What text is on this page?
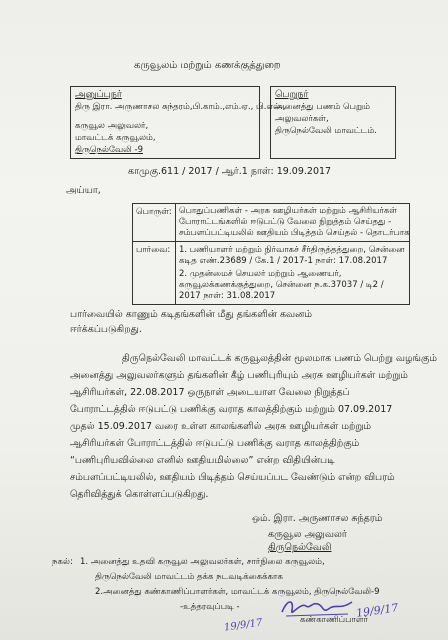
கருவூலம் மற்றும் கணக்குத்துறை
அனுப்புநர்
திரு இரா. அருணாசல சுந்தரம்,பி.காம்.,எம்.ஏ., பி.எல்.,
கருவூல அலுவலர்,
மாவட்டக் கருவூலம்,
திருநெல்வேலி -9
பெறுநர்
அனைத்து பணம் பெறும்
அலுவலர்கள்,
திருநெல்வேலி மாவட்டம்.
காமுகு.611 / 2017 / ஆர்.1 நாள்: 19.09.2017
அய்யா,
பொருள்: பொதுப்பணிகள் - அரசு ஊழியர்கள் மற்றும் ஆசிரியர்கள்
போராட்டங்களில் ஈடுபட்டு வேலை நிறுத்தம் செய்தது -
சம்பளப்பட்டியலில் ஊதியம் பிடித்தம் செய்தல் - தொடர்பாக
பார்வை: 1. பணியாளர் மற்றும் நிர்வாகச் சீர்திருத்தத்துறை, சென்னை
கடித எண்.23689 / கே.1 / 2017-1 நாள்: 17.08.2017
2. முதன்மைச் செயலர் மற்றும் ஆணையர்,
கருவூலக்கணக்குத்துறை, சென்னை ந.க.37037 / டி2 /
2017 நாள்: 31.08.2017
பார்வையில் காணும் கடிதங்களின் மீது தங்களின் கவனம்
ஈர்க்கப்படுகிறது.
திருநெல்வேலி மாவட்டக் கருவூலத்தின் மூலமாக பணம் பெற்று வழங்கும்
அனைத்து அலுவலர்களும் தங்களின் கீழ் பணிபுரியும் அரசு ஊழியர்கள் மற்றும்
ஆசிரியர்கள், 22.08.2017 ஒருநாள் அடையாள வேலை நிறுத்தப்
போராட்டத்தில் ஈடுபட்டு பணிக்கு வராத காலத்திற்கும் மற்றும் 07.09.2017
முதல் 15.09.2017 வரை உள்ள காலங்களில் அரசு ஊழியர்கள் மற்றும்
ஆசிரியர்கள் போராட்டத்தில் ஈடுபட்டு பணிக்கு வராத காலத்திற்கும்
“பணிபுரியவில்லை எனில் ஊதியமில்லை” என்ற விதியின்படி
சம்பளப்பட்டியலில், ஊதியம் பிடித்தம் செய்யப்பட வேண்டும் என்ற விபரம்
தெரிவித்துக் கொள்ளப்படுகிறது.
ஒம். இரா. அருணாசல சுந்தரம்
கருவூல அலுவலர்
திருநெல்வேலி
நகல்: 1. அனைத்து உதவி கருவூல அலுவலர்கள், சார்நிலை கருவூலம்,
திருநெல்வேலி மாவட்டம் தக்க நடவடிக்கைக்காக
2.அனைத்து கண்காணிப்பாளர்கள், மாவட்டக் கருவூலம், திருநெல்வேலி-9
-உத்தரவுப்படி -	19/9/17
கண்காணிப்பாளர்
19/9/17
